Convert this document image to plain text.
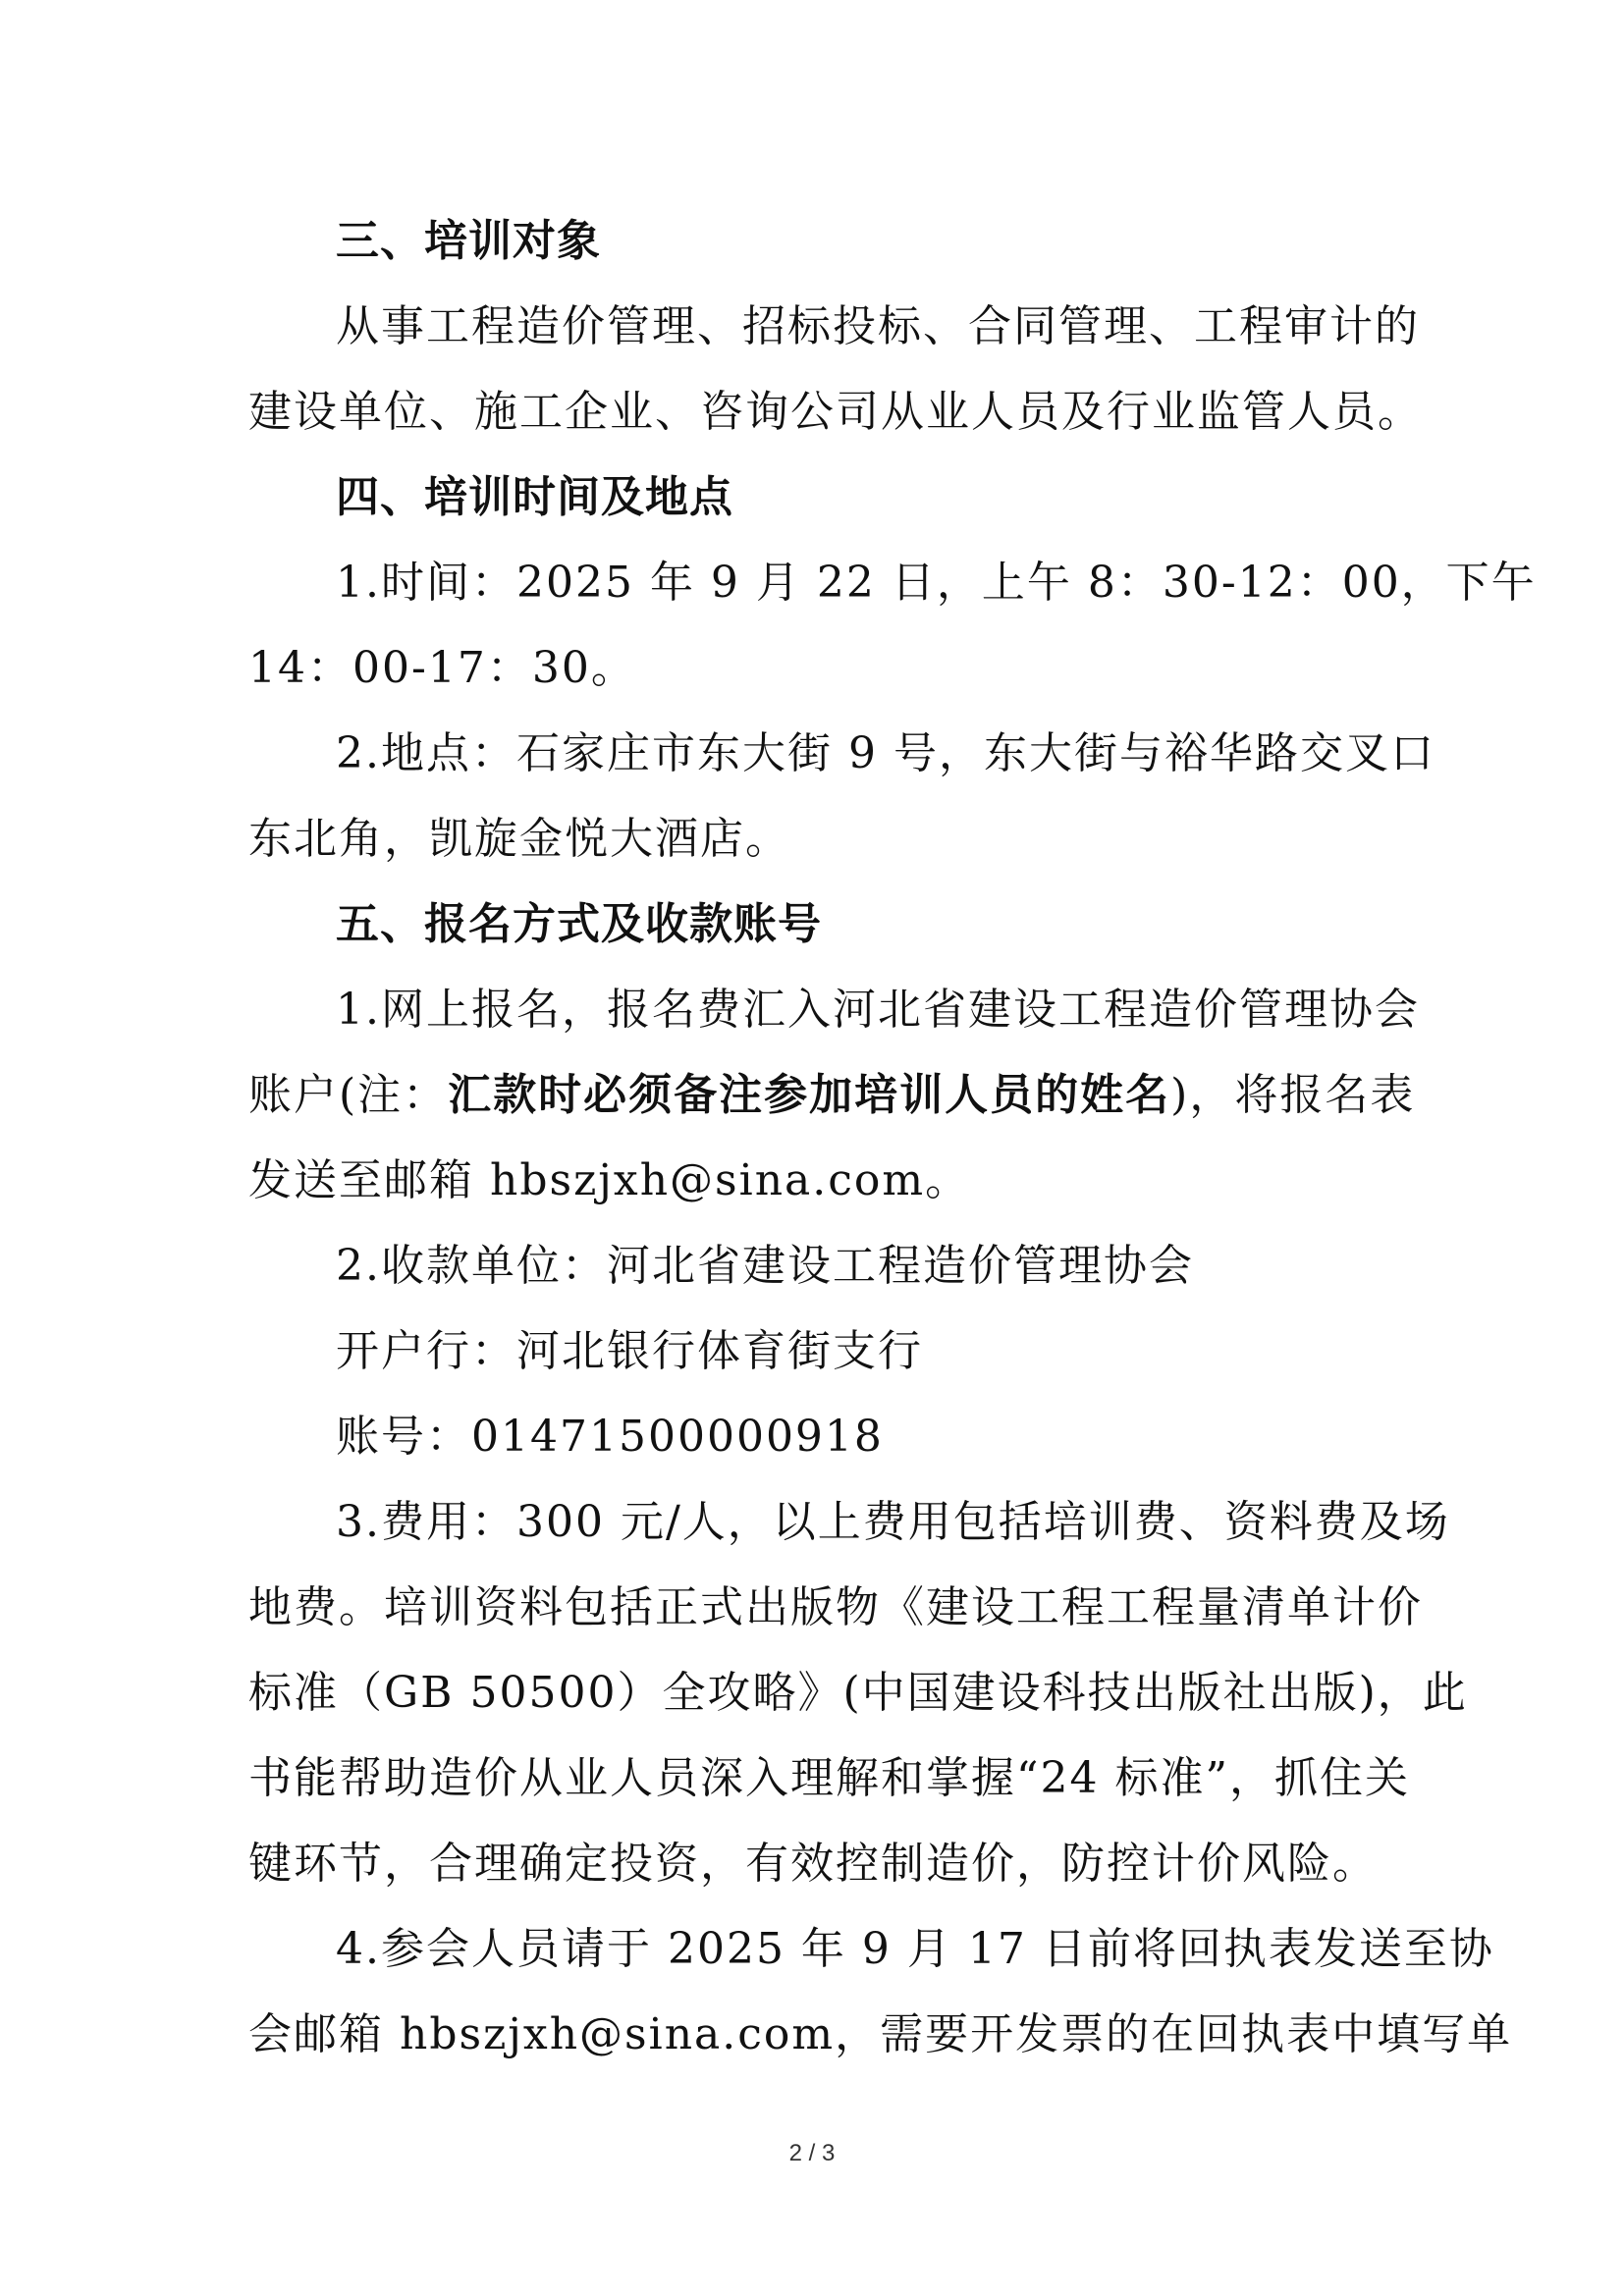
三、培训对象
从事工程造价管理、招标投标、合同管理、工程审计的
建设单位、施工企业、咨询公司从业人员及行业监管人员。
四、培训时间及地点
1.时间：2025 年 9 月 22 日，上午 8：30-12：00，下午
14：00-17：30。
2.地点：石家庄市东大街 9 号，东大街与裕华路交叉口
东北角，凯旋金悦大酒店。
五、报名方式及收款账号
1.网上报名，报名费汇入河北省建设工程造价管理协会
账户(注：汇款时必须备注参加培训人员的姓名)，将报名表
发送至邮箱 hbszjxh@sina.com。
2.收款单位：河北省建设工程造价管理协会
开户行：河北银行体育街支行
账号：01471500000918
3.费用：300 元/人，以上费用包括培训费、资料费及场
地费。培训资料包括正式出版物《建设工程工程量清单计价
标准（GB 50500）全攻略》(中国建设科技出版社出版)，此
书能帮助造价从业人员深入理解和掌握“24 标准”，抓住关
键环节，合理确定投资，有效控制造价，防控计价风险。
4.参会人员请于 2025 年 9 月 17 日前将回执表发送至协
会邮箱 hbszjxh@sina.com，需要开发票的在回执表中填写单
2 / 3
